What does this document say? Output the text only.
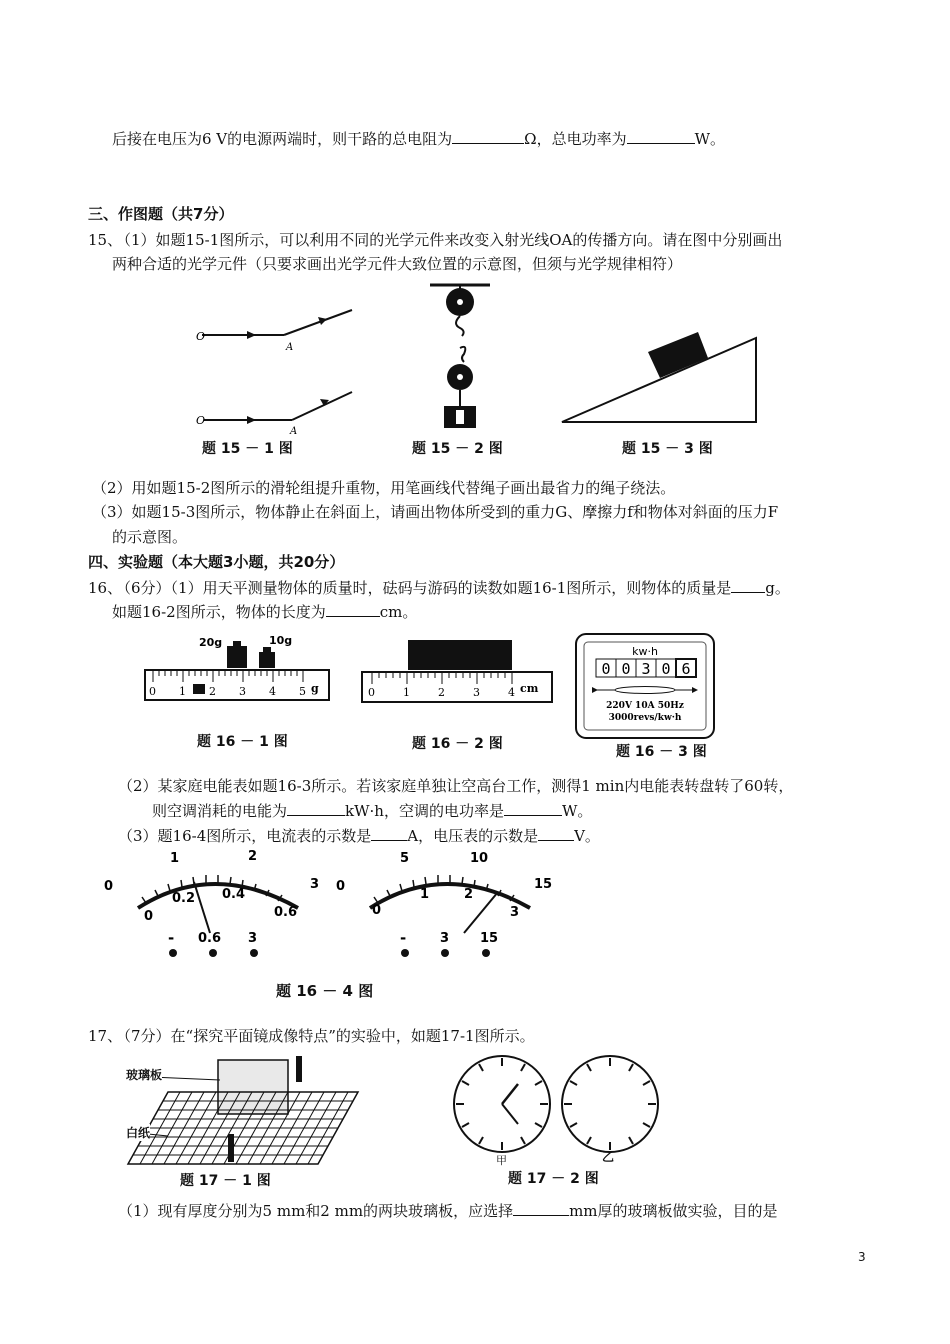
后接在电压为6 V的电源两端时，则干路的总电阻为	Ω，总电功率为	W。
三、作图题（共7分）
15、
（1）如题15-1图所示，可以利用不同的光学元件来改变入射光线OA的传播方向。请在图中分别画出
两种合适的光学元件（只要求画出光学元件大致位置的示意图，但须与光学规律相符）
O
A
O
A
题 15 － 1 图	题 15 － 2 图	题 15 － 3 图
（2）用如题15-2图所示的滑轮组提升重物，用笔画线代替绳子画出最省力的绳子绕法。
（3）如题15-3图所示，物体静止在斜面上，请画出物体所受到的重力G、摩擦力f和物体对斜面的压力F
的示意图。
四、实验题（本大题3小题，共20分）
16、
（6分）（1）用天平测量物体的质量时，砝码与游码的读数如题16-1图所示，则物体的质量是 g。
如题16-2图所示，物体的长度为	cm。
20g	10g
0 1 2 3 4 5 g
题 16 － 1 图
0	1	2	3	4 cm
题 16 － 2 图
kw·h
0 0 3 0 6
220V 10A 50Hz
3000revs/kw·h
题 16 － 3 图
（2）某家庭电能表如题16-3所示。若该家庭单独让空高台工作，测得1 min内电能表转盘转了60转，
则空调消耗的电能为	kW·h，空调的电功率是	W。
（3）题16-4图所示，电流表的示数是 A，电压表的示数是 V。
1	2
0	3
0
0.2 0.4
0.6
0.6 3
-
5	10
0	15
0
1	2
3
3 15
-
题 16 － 4 图
17、
（7分）在“探究平面镜成像特点”的实验中，如题17-1图所示。
玻璃板
白纸
题 17 － 1 图
甲	乙
题 17 － 2 图
（1）现有厚度分别为5 mm和2 mm的两块玻璃板，应选择	mm厚的玻璃板做实验，目的是
3
